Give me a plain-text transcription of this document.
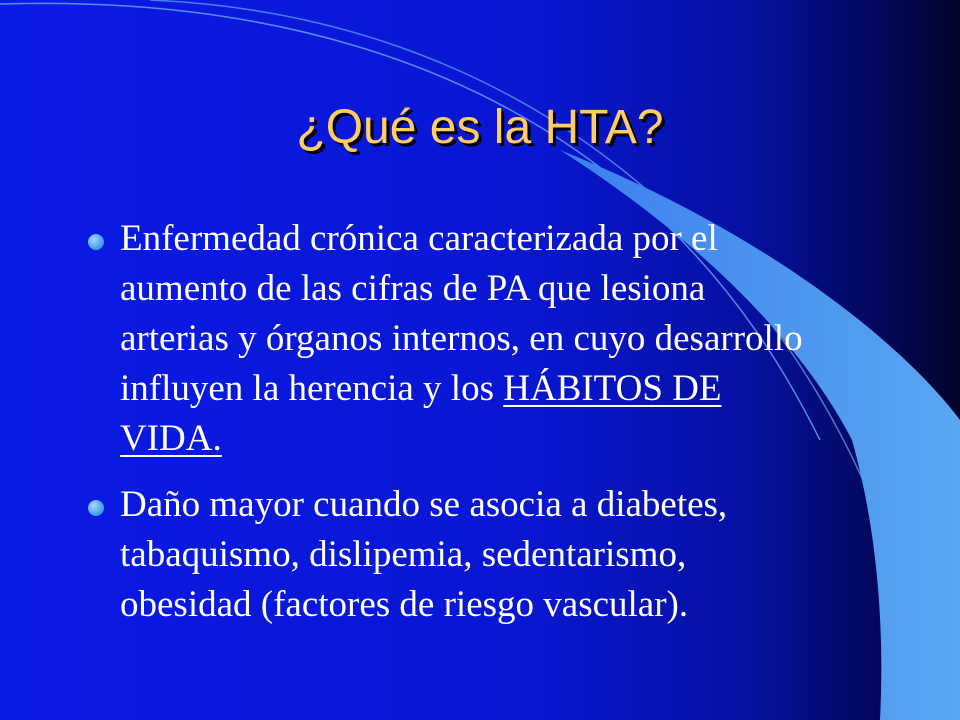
¿Qué es la HTA?
Enfermedad crónica caracterizada por el aumento de las cifras de PA que lesiona arterias y órganos internos, en cuyo desarrollo influyen la herencia y los HÁBITOS DE VIDA.
Daño mayor cuando se asocia a diabetes, tabaquismo, dislipemia, sedentarismo, obesidad (factores de riesgo vascular).
